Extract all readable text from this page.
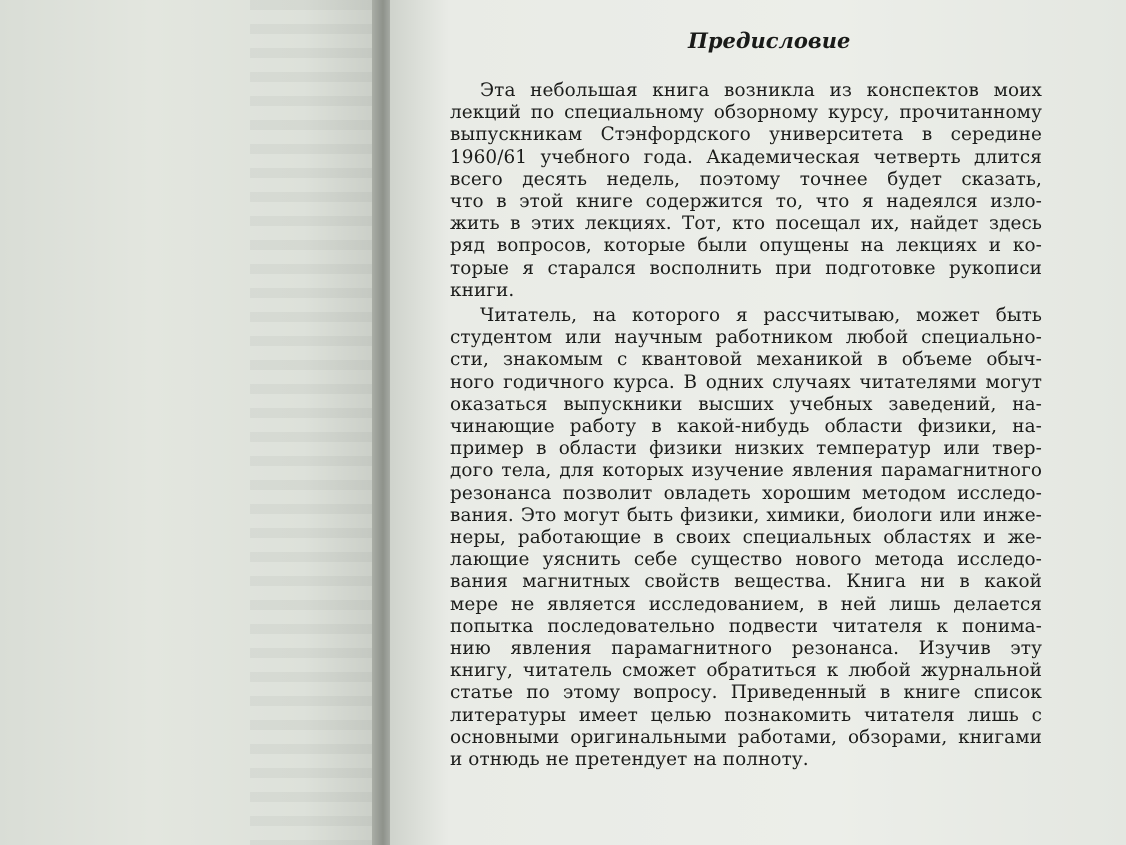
Предисловие
Эта небольшая книга возникла из конспектов моих
лекций по специальному обзорному курсу, прочитанному
выпускникам Стэнфордского университета в середине
1960/61 учебного года. Академическая четверть длится
всего десять недель, поэтому точнее будет сказать,
что в этой книге содержится то, что я надеялся изло-
жить в этих лекциях. Тот, кто посещал их, найдет здесь
ряд вопросов, которые были опущены на лекциях и ко-
торые я старался восполнить при подготовке рукописи
книги.
Читатель, на которого я рассчитываю, может быть
студентом или научным работником любой специально-
сти, знакомым с квантовой механикой в объеме обыч-
ного годичного курса. В одних случаях читателями могут
оказаться выпускники высших учебных заведений, на-
чинающие работу в какой-нибудь области физики, на-
пример в области физики низких температур или твер-
дого тела, для которых изучение явления парамагнитного
резонанса позволит овладеть хорошим методом исследо-
вания. Это могут быть физики, химики, биологи или инже-
неры, работающие в своих специальных областях и же-
лающие уяснить себе существо нового метода исследо-
вания магнитных свойств вещества. Книга ни в какой
мере не является исследованием, в ней лишь делается
попытка последовательно подвести читателя к понима-
нию явления парамагнитного резонанса. Изучив эту
книгу, читатель сможет обратиться к любой журнальной
статье по этому вопросу. Приведенный в книге список
литературы имеет целью познакомить читателя лишь с
основными оригинальными работами, обзорами, книгами
и отнюдь не претендует на полноту.
